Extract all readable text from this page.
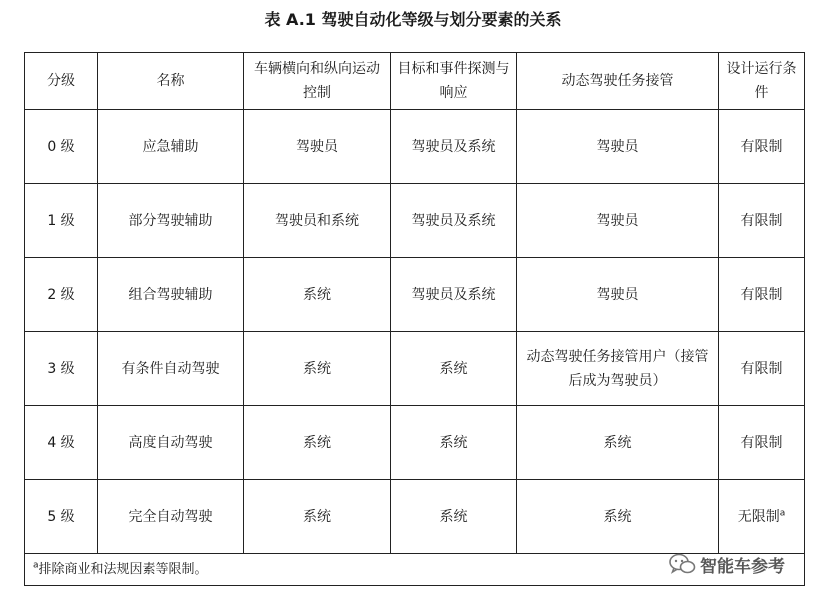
表 A.1 驾驶自动化等级与划分要素的关系
分级	名称	车辆横向和纵向运动控制	目标和事件探测与响应	动态驾驶任务接管	设计运行条件
0 级	应急辅助	驾驶员	驾驶员及系统	驾驶员	有限制
1 级	部分驾驶辅助	驾驶员和系统	驾驶员及系统	驾驶员	有限制
2 级	组合驾驶辅助	系统	驾驶员及系统	驾驶员	有限制
3 级	有条件自动驾驶	系统	系统	动态驾驶任务接管用户（接管后成为驾驶员）	有限制
4 级	高度自动驾驶	系统	系统	系统	有限制
5 级	完全自动驾驶	系统	系统	系统	无限制$^a$
$^a$排除商业和法规因素等限制。						智能车参考
